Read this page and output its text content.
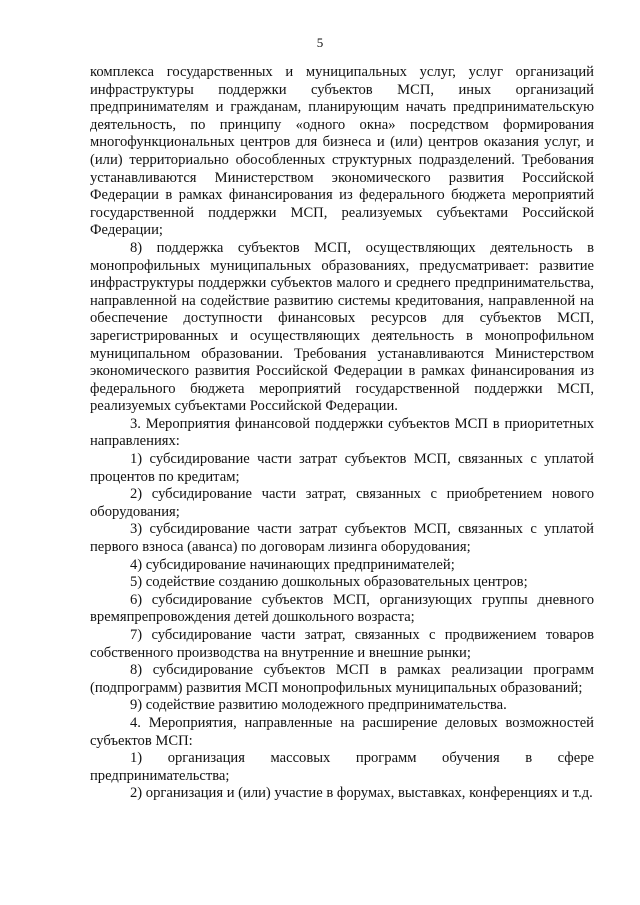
5

комплекса государственных и муниципальных услуг, услуг организаций инфраструктуры поддержки субъектов МСП, иных организаций предпринимателям и гражданам, планирующим начать предпринимательскую деятельность, по принципу «одного окна» посредством формирования многофункциональных центров для бизнеса и (или) центров оказания услуг, и (или) территориально обособленных структурных подразделений. Требования устанавливаются Министерством экономического развития Российской Федерации в рамках финансирования из федерального бюджета мероприятий государственной поддержки МСП, реализуемых субъектами Российской Федерации;

8) поддержка субъектов МСП, осуществляющих деятельность в монопрофильных муниципальных образованиях, предусматривает: развитие инфраструктуры поддержки субъектов малого и среднего предпринимательства, направленной на содействие развитию системы кредитования, направленной на обеспечение доступности финансовых ресурсов для субъектов МСП, зарегистрированных и осуществляющих деятельность в монопрофильном муниципальном образовании. Требования устанавливаются Министерством экономического развития Российской Федерации в рамках финансирования из федерального бюджета мероприятий государственной поддержки МСП, реализуемых субъектами Российской Федерации.

3. Мероприятия финансовой поддержки субъектов МСП в приоритетных направлениях:

1) субсидирование части затрат субъектов МСП, связанных с уплатой процентов по кредитам;

2) субсидирование части затрат, связанных с приобретением нового оборудования;

3) субсидирование части затрат субъектов МСП, связанных с уплатой первого взноса (аванса) по договорам лизинга оборудования;

4) субсидирование начинающих предпринимателей;

5) содействие созданию дошкольных образовательных центров;

6) субсидирование субъектов МСП, организующих группы дневного времяпрепровождения детей дошкольного возраста;

7) субсидирование части затрат, связанных с продвижением товаров собственного производства на внутренние и внешние рынки;

8) субсидирование субъектов МСП в рамках реализации программ (подпрограмм) развития МСП монопрофильных муниципальных образований;

9) содействие развитию молодежного предпринимательства.

4. Мероприятия, направленные на расширение деловых возможностей субъектов МСП:

1) организация массовых программ обучения в сфере предпринимательства;

2) организация и (или) участие в форумах, выставках, конференциях и т.д.
